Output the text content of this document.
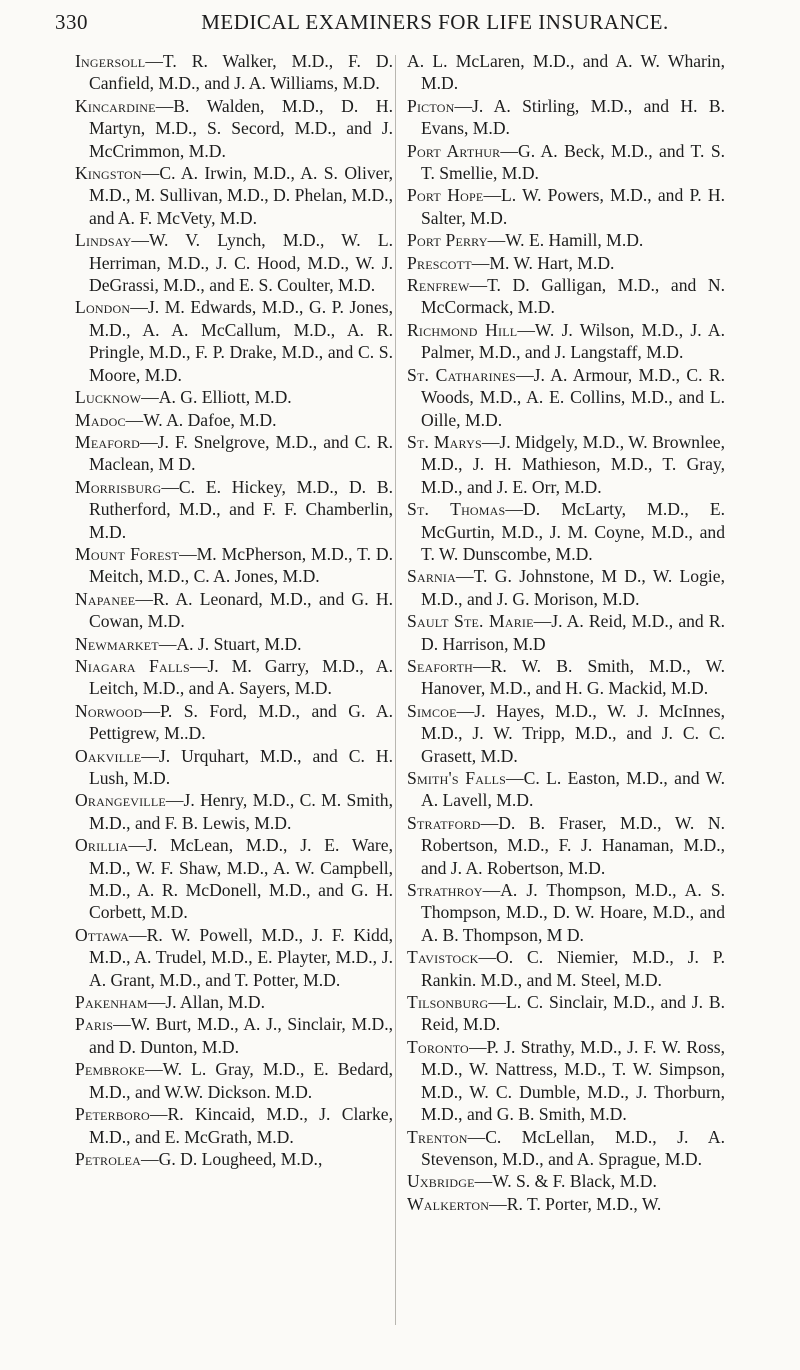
330	MEDICAL EXAMINERS FOR LIFE INSURANCE.

Ingersoll—T. R. Walker, M.D., F. D. Canfield, M.D., and J. A. Williams, M.D.

Kincardine—B. Walden, M.D., D. H. Martyn, M.D., S. Secord, M.D., and J. McCrimmon, M.D.

Kingston—C. A. Irwin, M.D., A. S. Oliver, M.D., M. Sullivan, M.D., D. Phelan, M.D., and A. F. McVety, M.D.

Lindsay—W. V. Lynch, M.D., W. L. Herriman, M.D., J. C. Hood, M.D., W. J. DeGrassi, M.D., and E. S. Coulter, M.D.

London—J. M. Edwards, M.D., G. P. Jones, M.D., A. A. McCallum, M.D., A. R. Pringle, M.D., F. P. Drake, M.D., and C. S. Moore, M.D.

Lucknow—A. G. Elliott, M.D.

Madoc—W. A. Dafoe, M.D.

Meaford—J. F. Snelgrove, M.D., and C. R. Maclean, M D.

Morrisburg—C. E. Hickey, M.D., D. B. Rutherford, M.D., and F. F. Chamberlin, M.D.

Mount Forest—M. McPherson, M.D., T. D. Meitch, M.D., C. A. Jones, M.D.

Napanee—R. A. Leonard, M.D., and G. H. Cowan, M.D.

Newmarket—A. J. Stuart, M.D.

Niagara Falls—J. M. Garry, M.D., A. Leitch, M.D., and A. Sayers, M.D.

Norwood—P. S. Ford, M.D., and G. A. Pettigrew, M..D.

Oakville—J. Urquhart, M.D., and C. H. Lush, M.D.

Orangeville—J. Henry, M.D., C. M. Smith, M.D., and F. B. Lewis, M.D.

Orillia—J. McLean, M.D., J. E. Ware, M.D., W. F. Shaw, M.D., A. W. Campbell, M.D., A. R. McDonell, M.D., and G. H. Corbett, M.D.

Ottawa—R. W. Powell, M.D., J. F. Kidd, M.D., A. Trudel, M.D., E. Playter, M.D., J. A. Grant, M.D., and T. Potter, M.D.

Pakenham—J. Allan, M.D.

Paris—W. Burt, M.D., A. J., Sinclair, M.D., and D. Dunton, M.D.

Pembroke—W. L. Gray, M.D., E. Bedard, M.D., and W.W. Dickson. M.D.

Peterboro—R. Kincaid, M.D., J. Clarke, M.D., and E. McGrath, M.D.

Petrolea—G. D. Lougheed, M.D.,

A. L. McLaren, M.D., and A. W. Wharin, M.D.

Picton—J. A. Stirling, M.D., and H. B. Evans, M.D.

Port Arthur—G. A. Beck, M.D., and T. S. T. Smellie, M.D.

Port Hope—L. W. Powers, M.D., and P. H. Salter, M.D.

Port Perry—W. E. Hamill, M.D.

Prescott—M. W. Hart, M.D.

Renfrew—T. D. Galligan, M.D., and N. McCormack, M.D.

Richmond Hill—W. J. Wilson, M.D., J. A. Palmer, M.D., and J. Langstaff, M.D.

St. Catharines—J. A. Armour, M.D., C. R. Woods, M.D., A. E. Collins, M.D., and L. Oille, M.D.

St. Marys—J. Midgely, M.D., W. Brownlee, M.D., J. H. Mathieson, M.D., T. Gray, M.D., and J. E. Orr, M.D.

St. Thomas—D. McLarty, M.D., E. McGurtin, M.D., J. M. Coyne, M.D., and T. W. Dunscombe, M.D.

Sarnia—T. G. Johnstone, M D., W. Logie, M.D., and J. G. Morison, M.D.

Sault Ste. Marie—J. A. Reid, M.D., and R. D. Harrison, M.D

Seaforth—R. W. B. Smith, M.D., W. Hanover, M.D., and H. G. Mackid, M.D.

Simcoe—J. Hayes, M.D., W. J. McInnes, M.D., J. W. Tripp, M.D., and J. C. C. Grasett, M.D.

Smith's Falls—C. L. Easton, M.D., and W. A. Lavell, M.D.

Stratford—D. B. Fraser, M.D., W. N. Robertson, M.D., F. J. Hanaman, M.D., and J. A. Robertson, M.D.

Strathroy—A. J. Thompson, M.D., A. S. Thompson, M.D., D. W. Hoare, M.D., and A. B. Thompson, M D.

Tavistock—O. C. Niemier, M.D., J. P. Rankin. M.D., and M. Steel, M.D.

Tilsonburg—L. C. Sinclair, M.D., and J. B. Reid, M.D.

Toronto—P. J. Strathy, M.D., J. F. W. Ross, M.D., W. Nattress, M.D., T. W. Simpson, M.D., W. C. Dumble, M.D., J. Thorburn, M.D., and G. B. Smith, M.D.

Trenton—C. McLellan, M.D., J. A. Stevenson, M.D., and A. Sprague, M.D.

Uxbridge—W. S. & F. Black, M.D.

Walkerton—R. T. Porter, M.D., W.
